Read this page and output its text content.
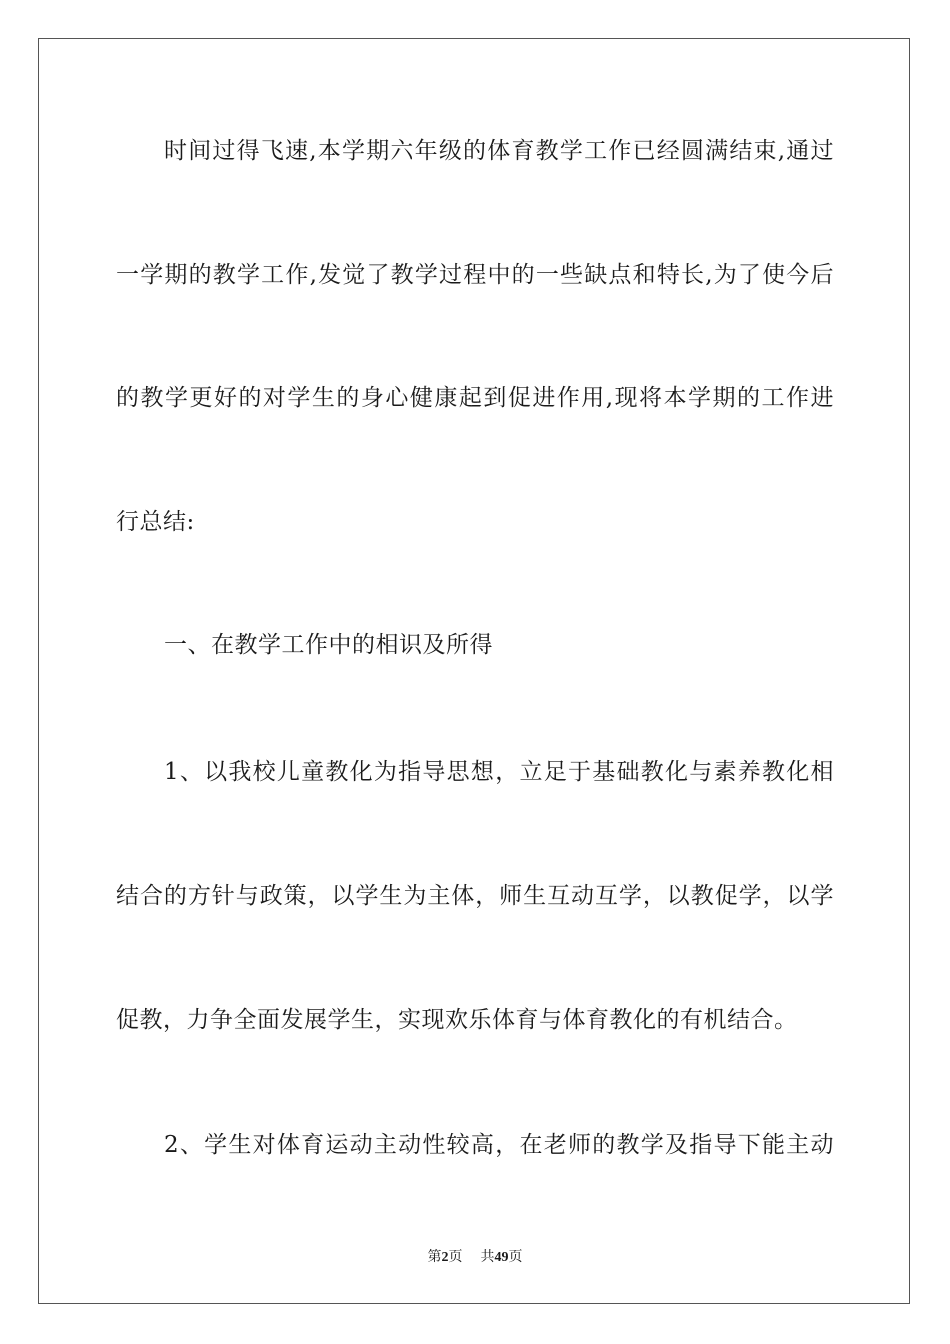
时间过得飞速,本学期六年级的体育教学工作已经圆满结束,通过
一学期的教学工作,发觉了教学过程中的一些缺点和特长,为了使今后
的教学更好的对学生的身心健康起到促进作用,现将本学期的工作进
行总结:
一、在教学工作中的相识及所得
1、以我校儿童教化为指导思想，立足于基础教化与素养教化相
结合的方针与政策，以学生为主体，师生互动互学，以教促学，以学
促教，力争全面发展学生，实现欢乐体育与体育教化的有机结合。
2、学生对体育运动主动性较高，在老师的教学及指导下能主动
第2页 共49页
